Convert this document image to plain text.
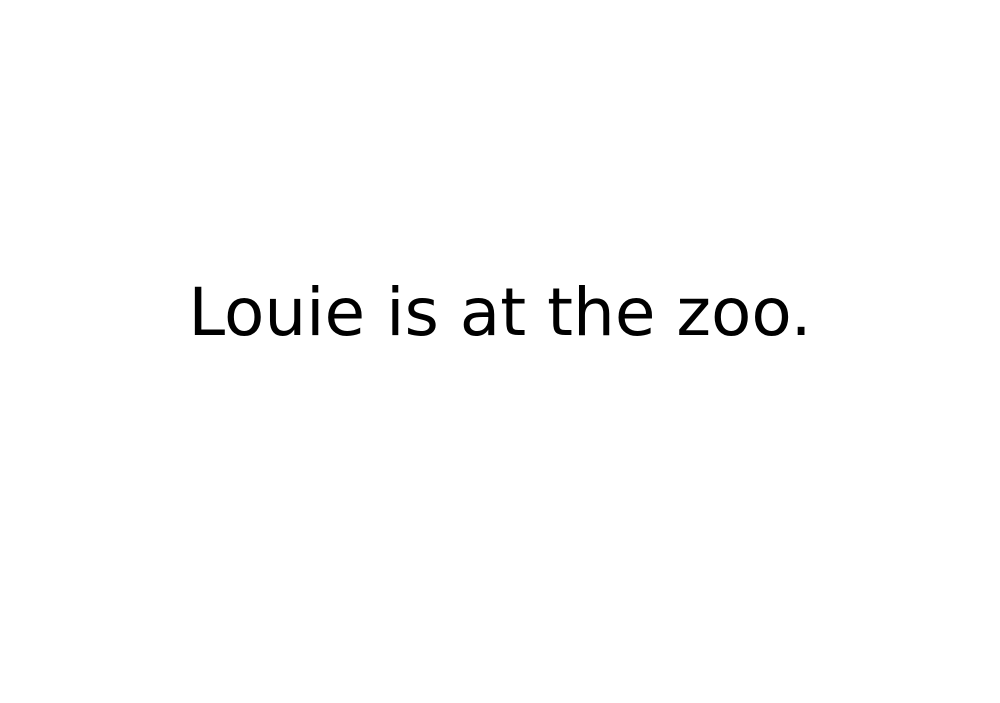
Louie is at the zoo.
